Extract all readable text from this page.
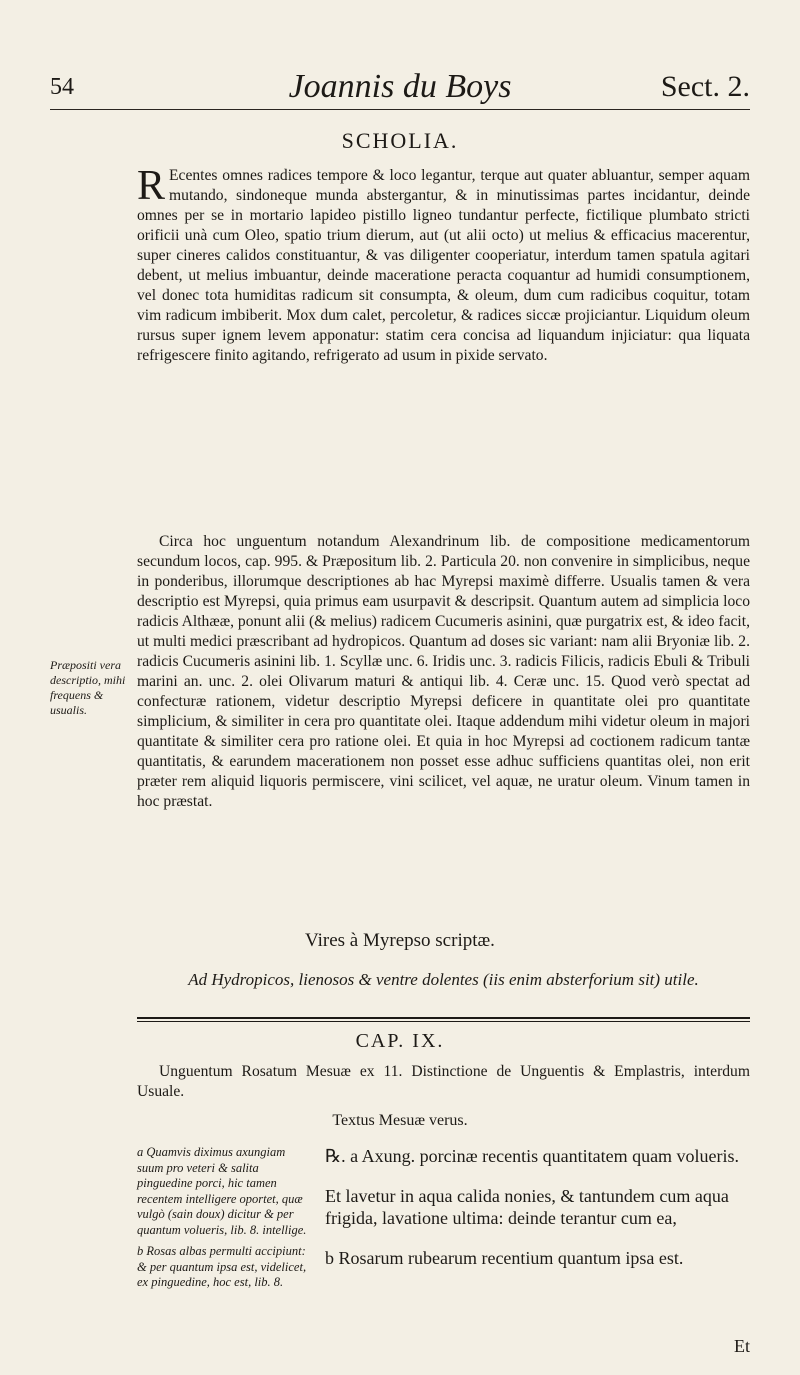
54	Joannis du Boys	Sect. 2.
SCHOLIA.
R Ecentes omnes radices tempore & loco legantur, terque aut quater abluantur, semper aquam mutando, sindoneque munda abstergantur, & in minutissimas partes incidantur, deinde omnes per se in mortario lapideo pistillo ligneo tundantur perfecte, fictilique plumbato stricti orificii unà cum Oleo, spatio trium dierum, aut (ut alii octo) ut melius & efficacius macerentur, super cineres calidos constituantur, & vas diligenter cooperiatur, interdum tamen spatula agitari debent, ut melius imbuantur, deinde maceratione peracta coquantur ad humidi consumptionem, vel donec tota humiditas radicum sit consumpta, & oleum, dum cum radicibus coquitur, totam vim radicum imbiberit. Mox dum calet, percoletur, & radices siccæ projiciantur. Liquidum oleum rursus super ignem levem apponatur: statim cera concisa ad liquandum injiciatur: qua liquata refrigescere finito agitando, refrigerato ad usum in pixide servato.
Circa hoc unguentum notandum Alexandrinum lib. de compositione medicamentorum secundum locos, cap. 995. & Præpositum lib. 2. Particula 20. non convenire in simplicibus, neque in ponderibus, illorumque descriptiones ab hac Myrepsi maximè differre. Usualis tamen & vera descriptio est Myrepsi, quia primus eam usurpavit & descripsit. Quantum autem ad simplicia loco radicis Althææ, ponunt alii (& melius) radicem Cucumeris asinini, quæ purgatrix est, & ideo facit, ut multi medici præscribant ad hydropicos. Quantum ad doses sic variant: nam alii Bryoniæ lib. 2. radicis Cucumeris asinini lib. 1. Scyllæ unc. 6. Iridis unc. 3. radicis Filicis, radicis Ebuli & Tribuli marini an. unc. 2. olei Olivarum maturi & antiqui lib. 4. Ceræ unc. 15. Quod verò spectat ad confecturæ rationem, videtur descriptio Myrepsi deficere in quantitate olei pro quantitate simplicium, & similiter in cera pro quantitate olei. Itaque addendum mihi videtur oleum in majori quantitate & similiter cera pro ratione olei. Et quia in hoc Myrepsi ad coctionem radicum tantæ quantitatis, & earundem macerationem non posset esse adhuc sufficiens quantitas olei, non erit præter rem aliquid liquoris permiscere, vini scilicet, vel aquæ, ne uratur oleum. Vinum tamen in hoc præstat.
Præpositi vera descriptio, mihi frequens & usualis.
Vires à Myrepso scriptæ.
Ad Hydropicos, lienosos & ventre dolentes (iis enim absterforium sit) utile.
CAP. IX.
Unguentum Rosatum Mesuæ ex 11. Distinctione de Unguentis & Emplastris, interdum Usuale.
Textus Mesuæ verus.

a Quamvis diximus axungiam suum pro veteri & salita pinguedine porci, hic tamen recentem intelligere oportet, quæ vulgò (sain doux) dicitur & per quantum volueris, lib. 8. intellige.

b Rosas albas permulti accipiunt: & per quantum ipsa est, videlicet, ex pinguedine, hoc est, lib. 8.

℞. a Axung. porcinæ recentis quantitatem quam volueris.

Et lavetur in aqua calida nonies, & tantundem cum aqua frigida, lavatione ultima: deinde terantur cum ea,

b Rosarum rubearum recentium quantum ipsa est.

Et
